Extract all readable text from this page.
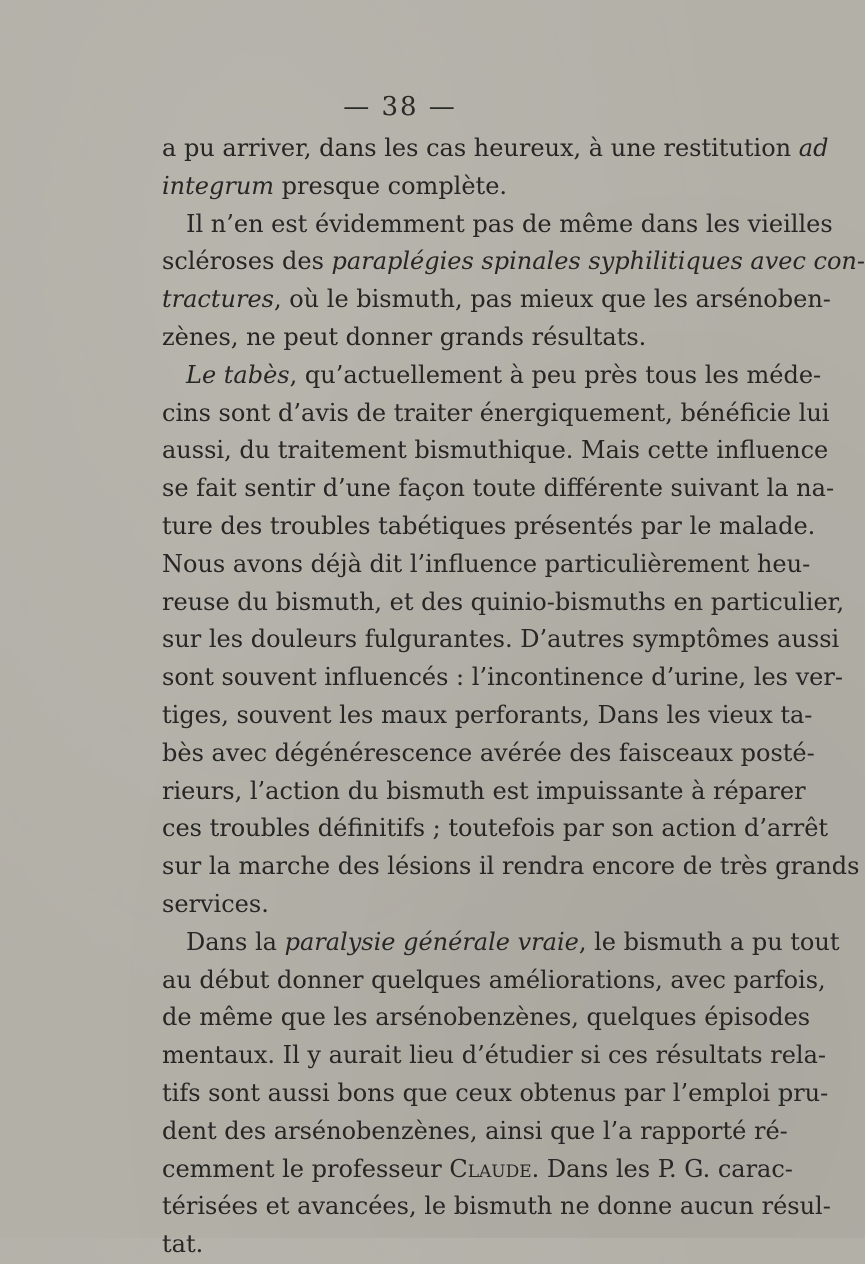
— 38 —
a pu arriver, dans les cas heureux, à une restitution ad
integrum presque complète.
Il n’en est évidemment pas de même dans les vieilles
scléroses des paraplégies spinales syphilitiques avec con-
tractures, où le bismuth, pas mieux que les arsénoben-
zènes, ne peut donner grands résultats.
Le tabès, qu’actuellement à peu près tous les méde-
cins sont d’avis de traiter énergiquement, bénéficie lui
aussi, du traitement bismuthique. Mais cette influence
se fait sentir d’une façon toute différente suivant la na-
ture des troubles tabétiques présentés par le malade.
Nous avons déjà dit l’influence particulièrement heu-
reuse du bismuth, et des quinio-bismuths en particulier,
sur les douleurs fulgurantes. D’autres symptômes aussi
sont souvent influencés : l’incontinence d’urine, les ver-
tiges, souvent les maux perforants, Dans les vieux ta-
bès avec dégénérescence avérée des faisceaux posté-
rieurs, l’action du bismuth est impuissante à réparer
ces troubles définitifs ; toutefois par son action d’arrêt
sur la marche des lésions il rendra encore de très grands
services.
Dans la paralysie générale vraie, le bismuth a pu tout
au début donner quelques améliorations, avec parfois,
de même que les arsénobenzènes, quelques épisodes
mentaux. Il y aurait lieu d’étudier si ces résultats rela-
tifs sont aussi bons que ceux obtenus par l’emploi pru-
dent des arsénobenzènes, ainsi que l’a rapporté ré-
cemment le professeur Claude. Dans les P. G. carac-
térisées et avancées, le bismuth ne donne aucun résul-
tat.
